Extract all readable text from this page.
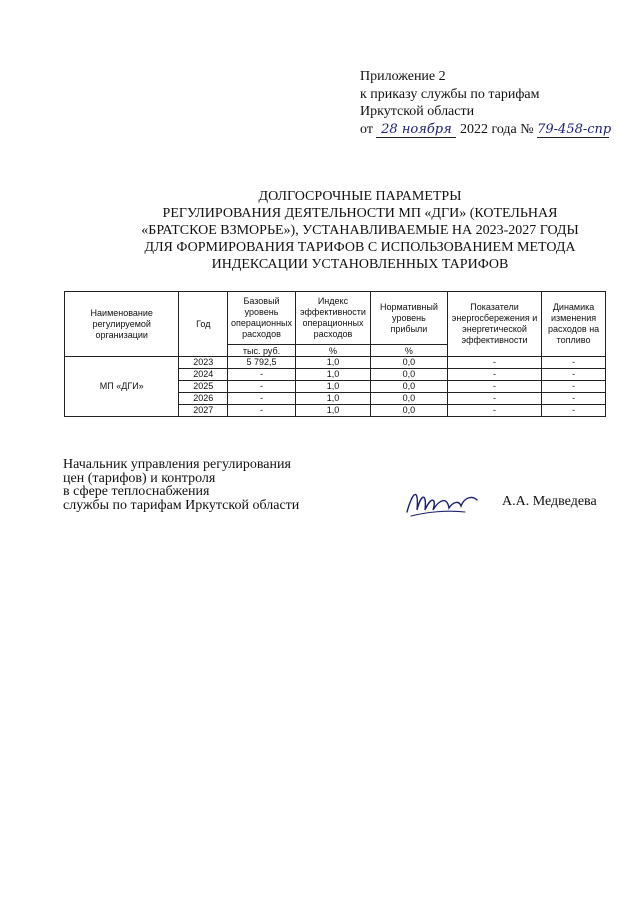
Приложение 2
к приказу службы по тарифам
Иркутской области
от 28 ноября 2022 года № 79-458-спр
ДОЛГОСРОЧНЫЕ ПАРАМЕТРЫ
РЕГУЛИРОВАНИЯ ДЕЯТЕЛЬНОСТИ МП «ДГИ» (КОТЕЛЬНАЯ
«БРАТСКОЕ ВЗМОРЬЕ»), УСТАНАВЛИВАЕМЫЕ НА 2023-2027 ГОДЫ
ДЛЯ ФОРМИРОВАНИЯ ТАРИФОВ С ИСПОЛЬЗОВАНИЕМ МЕТОДА
ИНДЕКСАЦИИ УСТАНОВЛЕННЫХ ТАРИФОВ
Наименование регулируемой организации	Год	Базовый уровень операционных расходов	Индекс эффективности операционных расходов	Нормативный уровень прибыли	Показатели энергосбережения и энергетической эффективности	Динамика изменения расходов на топливо
		тыс. руб.	%	%		
МП «ДГИ»	2023	5 792,5	1,0	0,0	-	-
	2024	-	1,0	0,0	-	-
	2025	-	1,0	0,0	-	-
	2026	-	1,0	0,0	-	-
	2027	-	1,0	0,0	-	-
Начальник управления регулирования
цен (тарифов) и контроля
в сфере теплоснабжения
службы по тарифам Иркутской области	А.А. Медведева
